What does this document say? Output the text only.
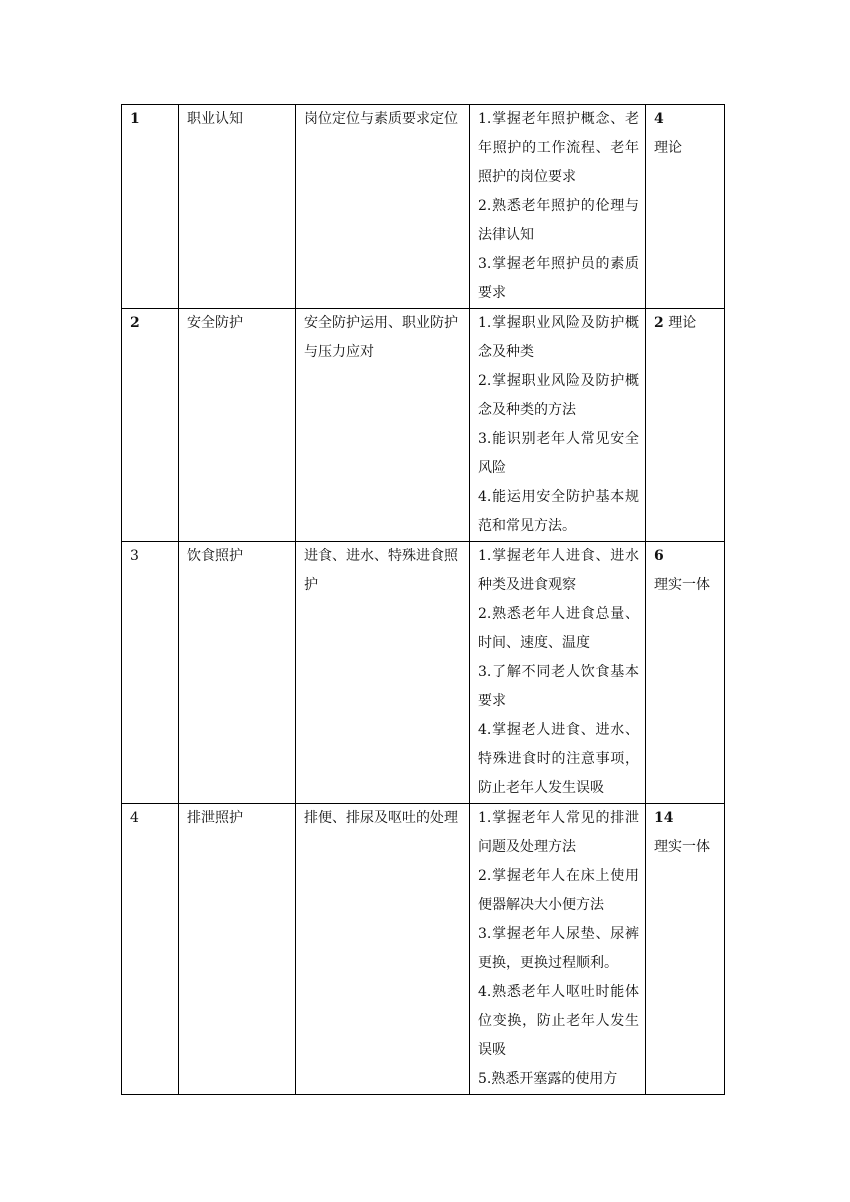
1	职业认知	岗位定位与素质要求定位	1.掌握老年照护概念、老年照护的工作流程、老年照护的岗位要求
2.熟悉老年照护的伦理与法律认知
3.掌握老年照护员的素质要求	4
理论
2	安全防护	安全防护运用、职业防护与压力应对	1.掌握职业风险及防护概念及种类
2.掌握职业风险及防护概念及种类的方法
3.能识别老年人常见安全风险
4.能运用安全防护基本规范和常见方法。	2 理论
3	饮食照护	进食、进水、特殊进食照护	1.掌握老年人进食、进水种类及进食观察
2.熟悉老年人进食总量、时间、速度、温度
3.了解不同老人饮食基本要求
4.掌握老人进食、进水、特殊进食时的注意事项，防止老年人发生误吸	6
理实一体
4	排泄照护	排便、排尿及呕吐的处理	1.掌握老年人常见的排泄问题及处理方法
2.掌握老年人在床上使用便器解决大小便方法
3.掌握老年人尿垫、尿裤更换，更换过程顺利。
4.熟悉老年人呕吐时能体位变换，防止老年人发生误吸
5.熟悉开塞露的使用方	14
理实一体
